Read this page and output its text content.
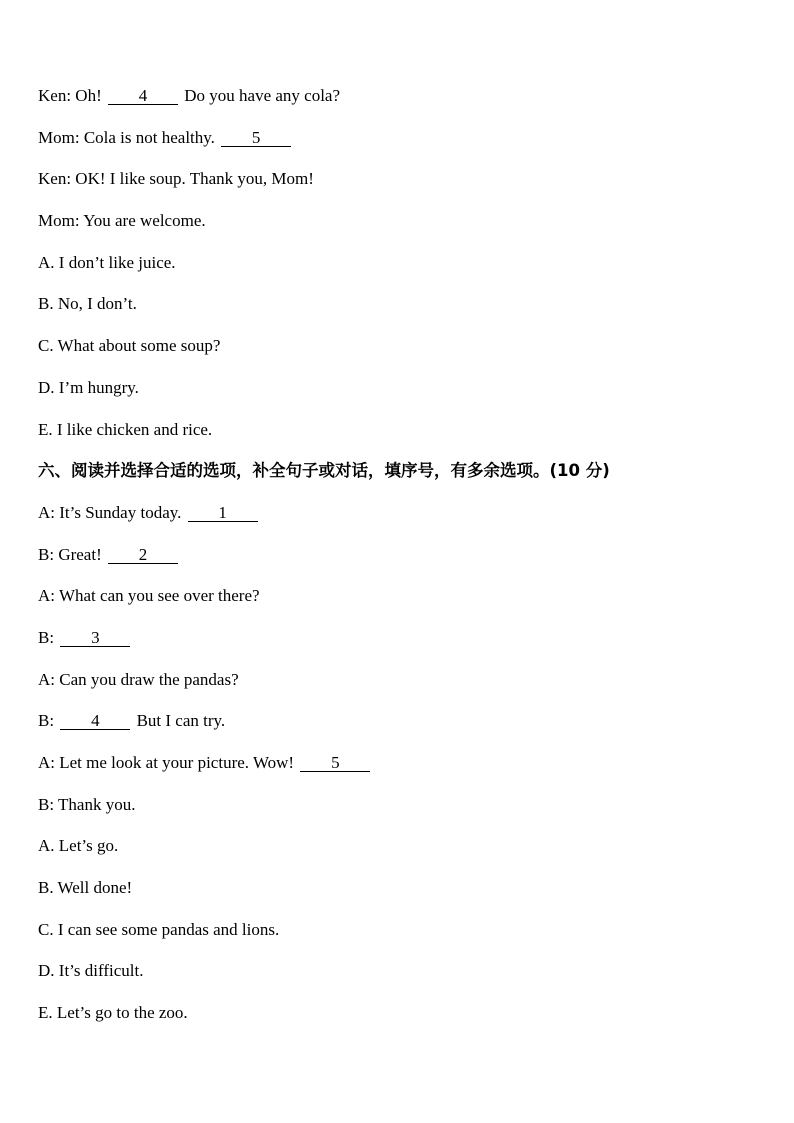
Ken: Oh! 4 Do you have any cola?
Mom: Cola is not healthy. 5
Ken: OK! I like soup. Thank you, Mom!
Mom: You are welcome.
A. I don’t like juice.
B. No, I don’t.
C. What about some soup?
D. I’m hungry.
E. I like chicken and rice.
六、阅读并选择合适的选项，补全句子或对话，填序号，有多余选项。(10 分)
A: It’s Sunday today. 1
B: Great! 2
A: What can you see over there?
B: 3
A: Can you draw the pandas?
B: 4 But I can try.
A: Let me look at your picture. Wow! 5
B: Thank you.
A. Let’s go.
B. Well done!
C. I can see some pandas and lions.
D. It’s difficult.
E. Let’s go to the zoo.
